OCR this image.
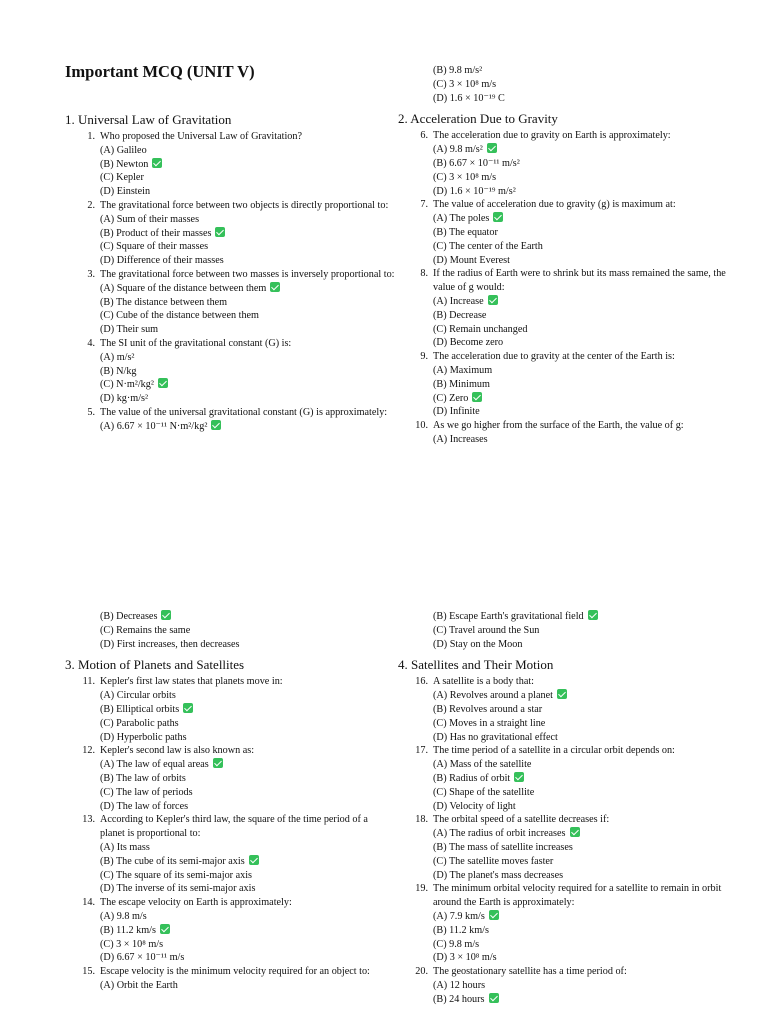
Important MCQ (UNIT V)
1. Universal Law of Gravitation
1. Who proposed the Universal Law of Gravitation?
(A) Galileo
(B) Newton
(C) Kepler
(D) Einstein
2. The gravitational force between two objects is directly proportional to:
(A) Sum of their masses
(B) Product of their masses
(C) Square of their masses
(D) Difference of their masses
3. The gravitational force between two masses is inversely proportional to:
(A) Square of the distance between them
(B) The distance between them
(C) Cube of the distance between them
(D) Their sum
4. The SI unit of the gravitational constant (G) is:
(A) m/s²
(B) N/kg
(C) N·m²/kg²
(D) kg·m/s²
5. The value of the universal gravitational constant (G) is approximately:
(A) 6.67 × 10⁻¹¹ N·m²/kg²
(B) 9.8 m/s²
(C) 3 × 10⁸ m/s
(D) 1.6 × 10⁻¹⁹ C
2. Acceleration Due to Gravity
6. The acceleration due to gravity on Earth is approximately:
(A) 9.8 m/s²
(B) 6.67 × 10⁻¹¹ m/s²
(C) 3 × 10⁸ m/s
(D) 1.6 × 10⁻¹⁹ m/s²
7. The value of acceleration due to gravity (g) is maximum at:
(A) The poles
(B) The equator
(C) The center of the Earth
(D) Mount Everest
8. If the radius of Earth were to shrink but its mass remained the same, the value of g would:
(A) Increase
(B) Decrease
(C) Remain unchanged
(D) Become zero
9. The acceleration due to gravity at the center of the Earth is:
(A) Maximum
(B) Minimum
(C) Zero
(D) Infinite
10. As we go higher from the surface of the Earth, the value of g:
(A) Increases
(B) Decreases
(C) Remains the same
(D) First increases, then decreases
3. Motion of Planets and Satellites
11. Kepler's first law states that planets move in:
(A) Circular orbits
(B) Elliptical orbits
(C) Parabolic paths
(D) Hyperbolic paths
12. Kepler's second law is also known as:
(A) The law of equal areas
(B) The law of orbits
(C) The law of periods
(D) The law of forces
13. According to Kepler's third law, the square of the time period of a planet is proportional to:
(A) Its mass
(B) The cube of its semi-major axis
(C) The square of its semi-major axis
(D) The inverse of its semi-major axis
14. The escape velocity on Earth is approximately:
(A) 9.8 m/s
(B) 11.2 km/s
(C) 3 × 10⁸ m/s
(D) 6.67 × 10⁻¹¹ m/s
15. Escape velocity is the minimum velocity required for an object to:
(A) Orbit the Earth
(B) Escape Earth's gravitational field
(C) Travel around the Sun
(D) Stay on the Moon
4. Satellites and Their Motion
16. A satellite is a body that:
(A) Revolves around a planet
(B) Revolves around a star
(C) Moves in a straight line
(D) Has no gravitational effect
17. The time period of a satellite in a circular orbit depends on:
(A) Mass of the satellite
(B) Radius of orbit
(C) Shape of the satellite
(D) Velocity of light
18. The orbital speed of a satellite decreases if:
(A) The radius of orbit increases
(B) The mass of satellite increases
(C) The satellite moves faster
(D) The planet's mass decreases
19. The minimum orbital velocity required for a satellite to remain in orbit around the Earth is approximately:
(A) 7.9 km/s
(B) 11.2 km/s
(C) 9.8 m/s
(D) 3 × 10⁸ m/s
20. The geostationary satellite has a time period of:
(A) 12 hours
(B) 24 hours
